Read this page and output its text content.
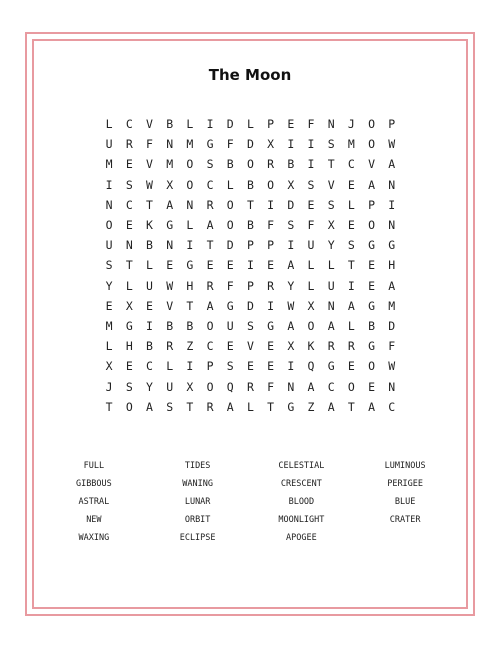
The Moon
L	C	V	B	L	I	D	L	P	E	F	N	J	O	P
U	R	F	N	M	G	F	D	X	I	I	S	M	O	W
M	E	V	M	O	S	B	O	R	B	I	T	C	V	A
I	S	W	X	O	C	L	B	O	X	S	V	E	A	N
N	C	T	A	N	R	O	T	I	D	E	S	L	P	I
O	E	K	G	L	A	O	B	F	S	F	X	E	O	N
U	N	B	N	I	T	D	P	P	I	U	Y	S	G	G
S	T	L	E	G	E	E	I	E	A	L	L	T	E	H
Y	L	U	W	H	R	F	P	R	Y	L	U	I	E	A
E	X	E	V	T	A	G	D	I	W	X	N	A	G	M
M	G	I	B	B	O	U	S	G	A	O	A	L	B	D
L	H	B	R	Z	C	E	V	E	X	K	R	R	G	F
X	E	C	L	I	P	S	E	E	I	Q	G	E	O	W
J	S	Y	U	X	O	Q	R	F	N	A	C	O	E	N
T	O	A	S	T	R	A	L	T	G	Z	A	T	A	C
FULL	TIDES	CELESTIAL	LUMINOUS
GIBBOUS	WANING	CRESCENT	PERIGEE
ASTRAL	LUNAR	BLOOD	BLUE
NEW	ORBIT	MOONLIGHT	CRATER
WAXING	ECLIPSE	APOGEE
